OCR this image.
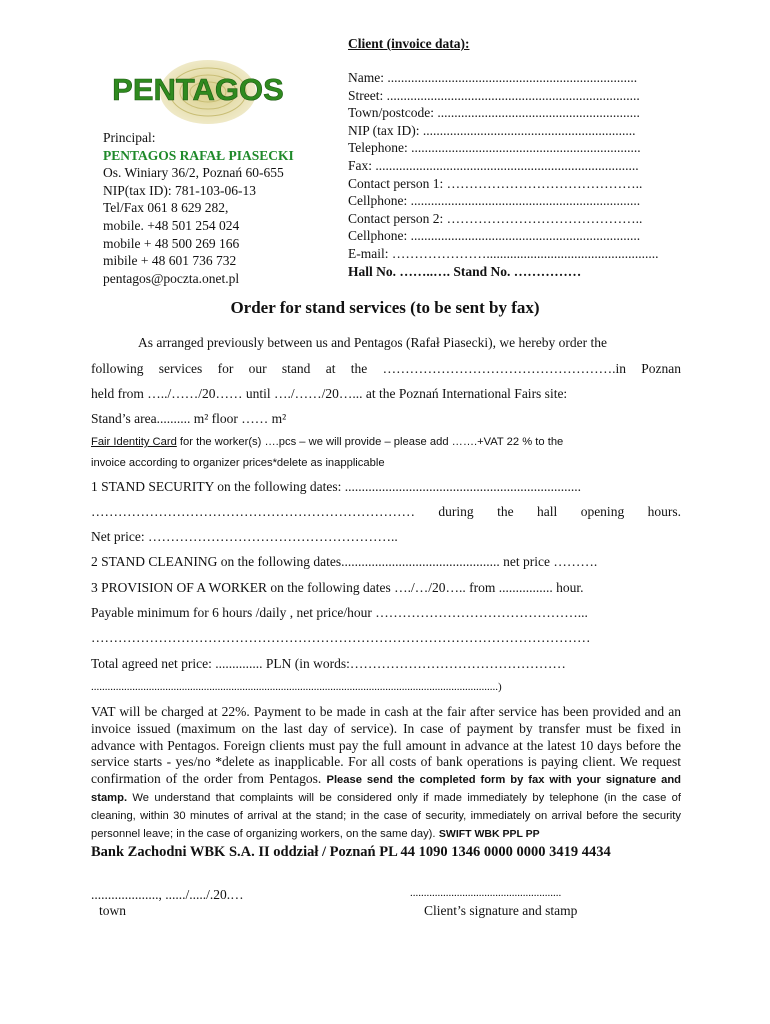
Client (invoice data):
Name: ..........................................................................
Street: ...........................................................................
Town/postcode: ............................................................
NIP (tax ID): ...............................................................
Telephone: ....................................................................
Fax: ..............................................................................
Contact person 1: ……………………………………..
Cellphone: ....................................................................
Contact person 2: ……………………………………..
Cellphone: ....................................................................
E-mail: …………………...................................................
Hall No. ……..…. Stand No. ……………
PENTAGOS
Principal:
PENTAGOS RAFAŁ PIASECKI
Os. Winiary 36/2, Poznań 60-655
NIP(tax ID): 781-103-06-13
Tel/Fax 061 8 629 282,
mobile. +48 501 254 024
mobile + 48 500 269 166
mibile + 48 601 736 732
pentagos@poczta.onet.pl
Order for stand services (to be sent by fax)
As arranged previously between us and Pentagos (Rafał Piasecki), we hereby order the
following services for our stand at the …………………………………………….in Poznan
held from …../……/20…… until …./……/20…... at the Poznań International Fairs site:
Stand’s area.......... m² floor …… m²
Fair Identity Card for the worker(s) ….pcs – we will provide – please add …….+VAT 22 % to the
invoice according to organizer prices*delete as inapplicable
1 STAND SECURITY on the following dates: ......................................................................
……………………………………………………………… during the hall opening hours.
Net price: ………………………………………………..
2 STAND CLEANING on the following dates............................................... net price ……….
3 PROVISION OF A WORKER on the following dates …./…/20….. from ................ hour.
Payable minimum for 6 hours /daily , net price/hour ………………………………………...
…………………………………………………………………………………………………
Total agreed net price: .............. PLN (in words:…………………………………………
....................................................................................................................................................)
VAT will be charged at 22%. Payment to be made in cash at the fair after service has been provided and an invoice issued (maximum on the last day of service). In case of payment by transfer must be fixed in advance with Pentagos. Foreign clients must pay the full amount in advance at the latest 10 days before the service starts - yes/no *delete as inapplicable. For all costs of bank operations is paying client. We request confirmation of the order from Pentagos. Please send the completed form by fax with your signature and stamp. We understand that complaints will be considered only if made immediately by telephone (in the case of cleaning, within 30 minutes of arrival at the stand; in the case of security, immediately on arrival before the security personnel leave; in the case of organizing workers, on the same day). SWIFT WBK PPL PP
Bank Zachodni WBK S.A. II oddział / Poznań PL 44 1090 1346 0000 0000 3419 4434
...................., ....../...../.20.…
town
.......................................................
Client’s signature and stamp
